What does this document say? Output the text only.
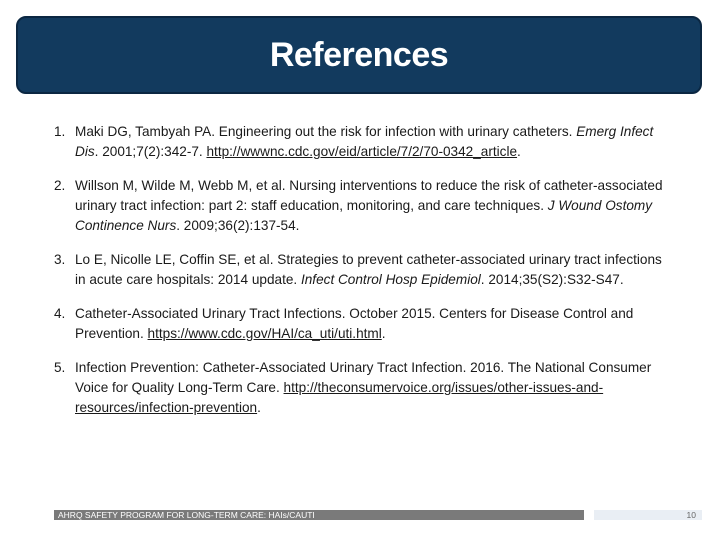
References
1. Maki DG, Tambyah PA. Engineering out the risk for infection with urinary catheters. Emerg Infect Dis. 2001;7(2):342-7. http://wwwnc.cdc.gov/eid/article/7/2/70-0342_article.
2. Willson M, Wilde M, Webb M, et al. Nursing interventions to reduce the risk of catheter-associated urinary tract infection: part 2: staff education, monitoring, and care techniques. J Wound Ostomy Continence Nurs. 2009;36(2):137-54.
3. Lo E, Nicolle LE, Coffin SE, et al. Strategies to prevent catheter-associated urinary tract infections in acute care hospitals: 2014 update. Infect Control Hosp Epidemiol. 2014;35(S2):S32-S47.
4. Catheter-Associated Urinary Tract Infections. October 2015. Centers for Disease Control and Prevention. https://www.cdc.gov/HAI/ca_uti/uti.html.
5. Infection Prevention: Catheter-Associated Urinary Tract Infection. 2016. The National Consumer Voice for Quality Long-Term Care. http://theconsumervoice.org/issues/other-issues-and-resources/infection-prevention.
AHRQ SAFETY PROGRAM FOR LONG-TERM CARE: HAIs/CAUTI	10
